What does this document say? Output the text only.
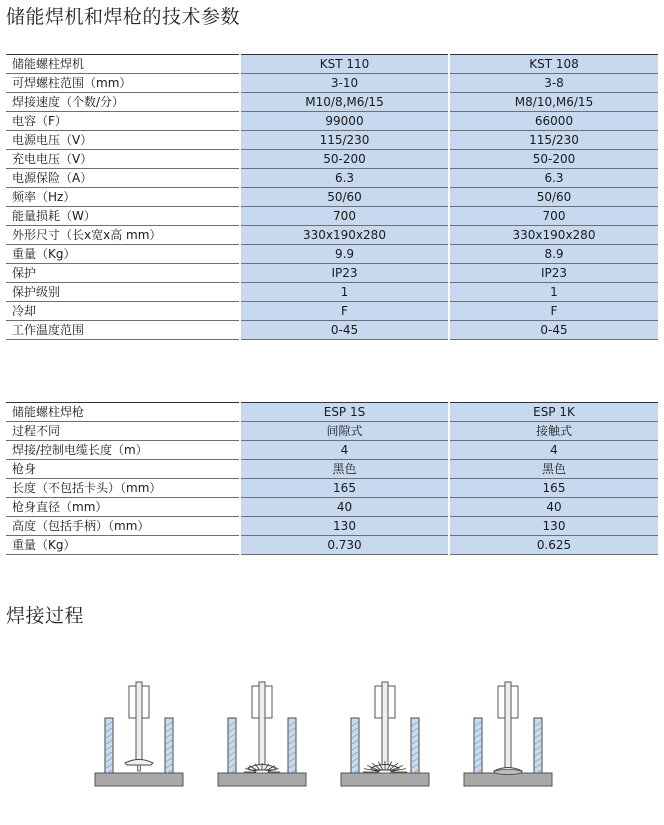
储能焊机和焊枪的技术参数
储能螺柱焊机	KST 110	KST 108
可焊螺柱范围（mm）	3-10	3-8
焊接速度（个数/分）	M10/8,M6/15	M8/10,M6/15
电容（F）	99000	66000
电源电压（V）	115/230	115/230
充电电压（V）	50-200	50-200
电源保险（A）	6.3	6.3
频率（Hz）	50/60	50/60
能量损耗（W）	700	700
外形尺寸（长x宽x高 mm）	330x190x280	330x190x280
重量（Kg）	9.9	8.9
保护	IP23	IP23
保护级别	1	1
冷却	F	F
工作温度范围	0-45	0-45
储能螺柱焊枪	ESP 1S	ESP 1K
过程不同	间隙式	接触式
焊接/控制电缆长度（m）	4	4
枪身	黑色	黑色
长度（不包括卡头）（mm）	165	165
枪身直径（mm）	40	40
高度（包括手柄）（mm）	130	130
重量（Kg）	0.730	0.625
焊接过程
